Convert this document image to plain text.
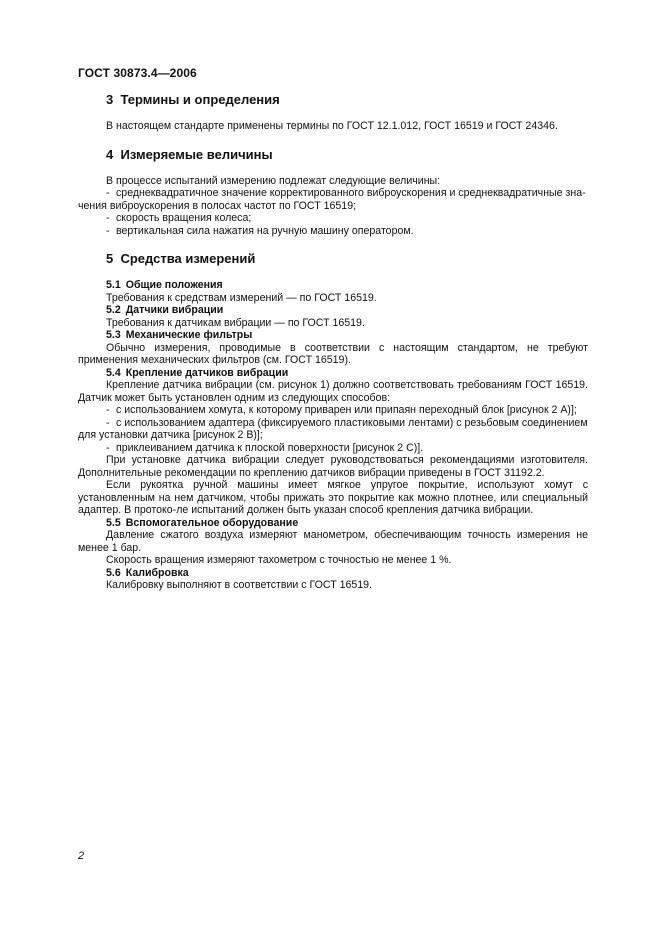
ГОСТ 30873.4—2006
3 Термины и определения

В настоящем стандарте применены термины по ГОСТ 12.1.012, ГОСТ 16519 и ГОСТ 24346.

4 Измеряемые величины

В процессе испытаний измерению подлежат следующие величины:

- среднеквадратичное значение корректированного виброускорения и среднеквадратичные зна-
чения виброускорения в полосах частот по ГОСТ 16519;
- скорость вращения колеса;
- вертикальная сила нажатия на ручную машину оператором.
5 Средства измерений

5.1 Общие положения

Требования к средствам измерений — по ГОСТ 16519.

5.2 Датчики вибрации

Требования к датчикам вибрации — по ГОСТ 16519.

5.3 Механические фильтры

Обычно измерения, проводимые в соответствии с настоящим стандартом, не требуют применения механических фильтров (см. ГОСТ 16519).

5.4 Крепление датчиков вибрации

Крепление датчика вибрации (см. рисунок 1) должно соответствовать требованиям ГОСТ 16519. Датчик может быть установлен одним из следующих способов:

- с использованием хомута, к которому приварен или припаян переходный блок [рисунок 2 А)];
- с использованием адаптера (фиксируемого пластиковыми лентами) с резьбовым соединением
для установки датчика [рисунок 2 В)];
- приклеиванием датчика к плоской поверхности [рисунок 2 С)].

При установке датчика вибрации следует руководствоваться рекомендациями изготовителя. Дополнительные рекомендации по креплению датчиков вибрации приведены в ГОСТ 31192.2.

Если рукоятка ручной машины имеет мягкое упругое покрытие, используют хомут с установленным на нем датчиком, чтобы прижать это покрытие как можно плотнее, или специальный адаптер. В протоко-ле испытаний должен быть указан способ крепления датчика вибрации.

5.5 Вспомогательное оборудование

Давление сжатого воздуха измеряют манометром, обеспечивающим точность измерения не менее 1 бар.

Скорость вращения измеряют тахометром с точностью не менее 1 %.

5.6 Калибровка

Калибровку выполняют в соответствии с ГОСТ 16519.

2
